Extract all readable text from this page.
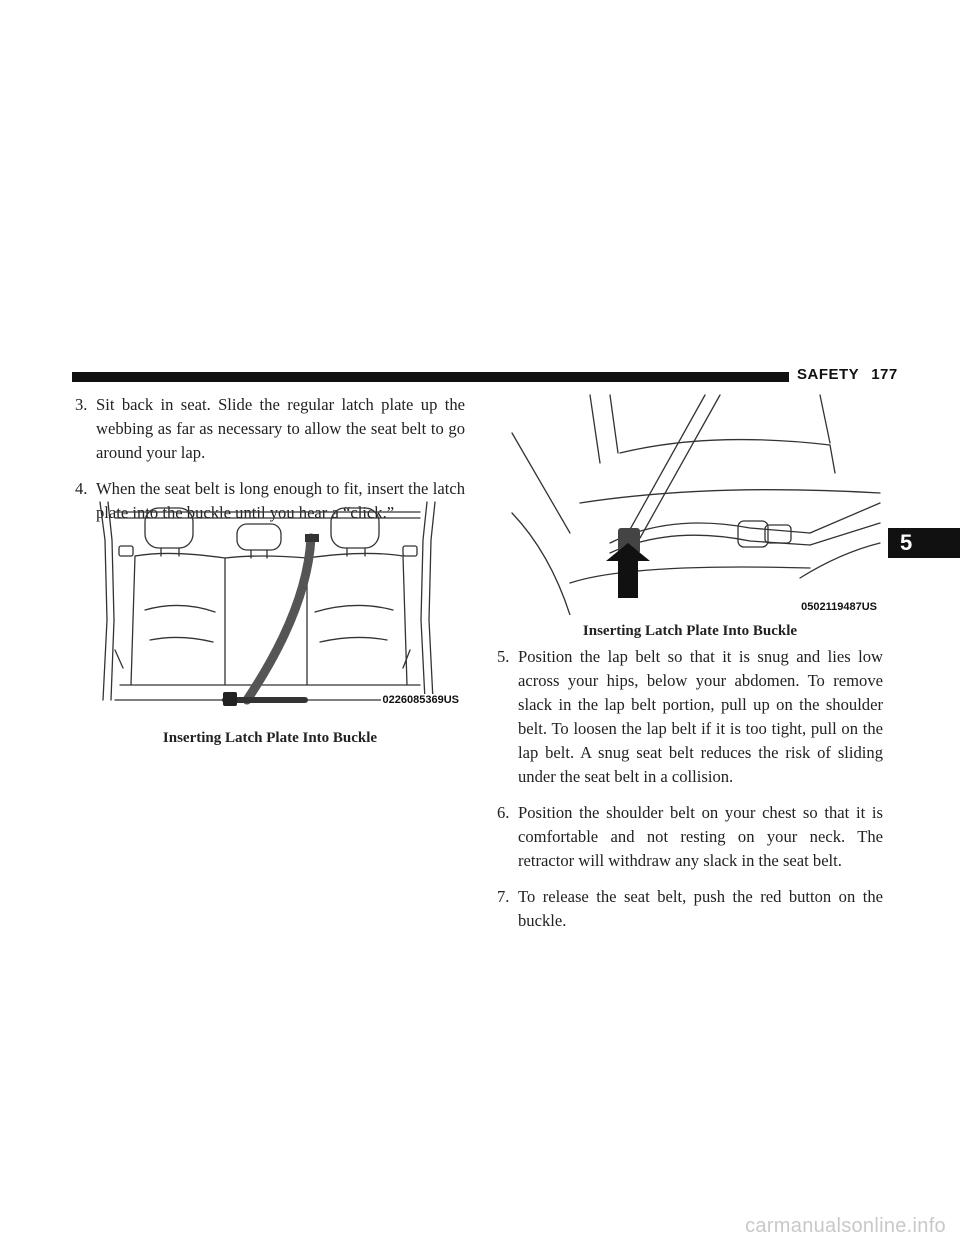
SAFETY 177
5

3. Sit back in seat. Slide the regular latch plate up the webbing as far as necessary to allow the seat belt to go around your lap.

4. When the seat belt is long enough to fit, insert the latch plate into the buckle until you hear a “click.”

0226085369US
Inserting Latch Plate Into Buckle
0502119487US
Inserting Latch Plate Into Buckle

5. Position the lap belt so that it is snug and lies low across your hips, below your abdomen. To remove slack in the lap belt portion, pull up on the shoulder belt. To loosen the lap belt if it is too tight, pull on the lap belt. A snug seat belt reduces the risk of sliding under the seat belt in a collision.

6. Position the shoulder belt on your chest so that it is comfortable and not resting on your neck. The retractor will withdraw any slack in the seat belt.

7. To release the seat belt, push the red button on the buckle.

carmanualsonline.info
